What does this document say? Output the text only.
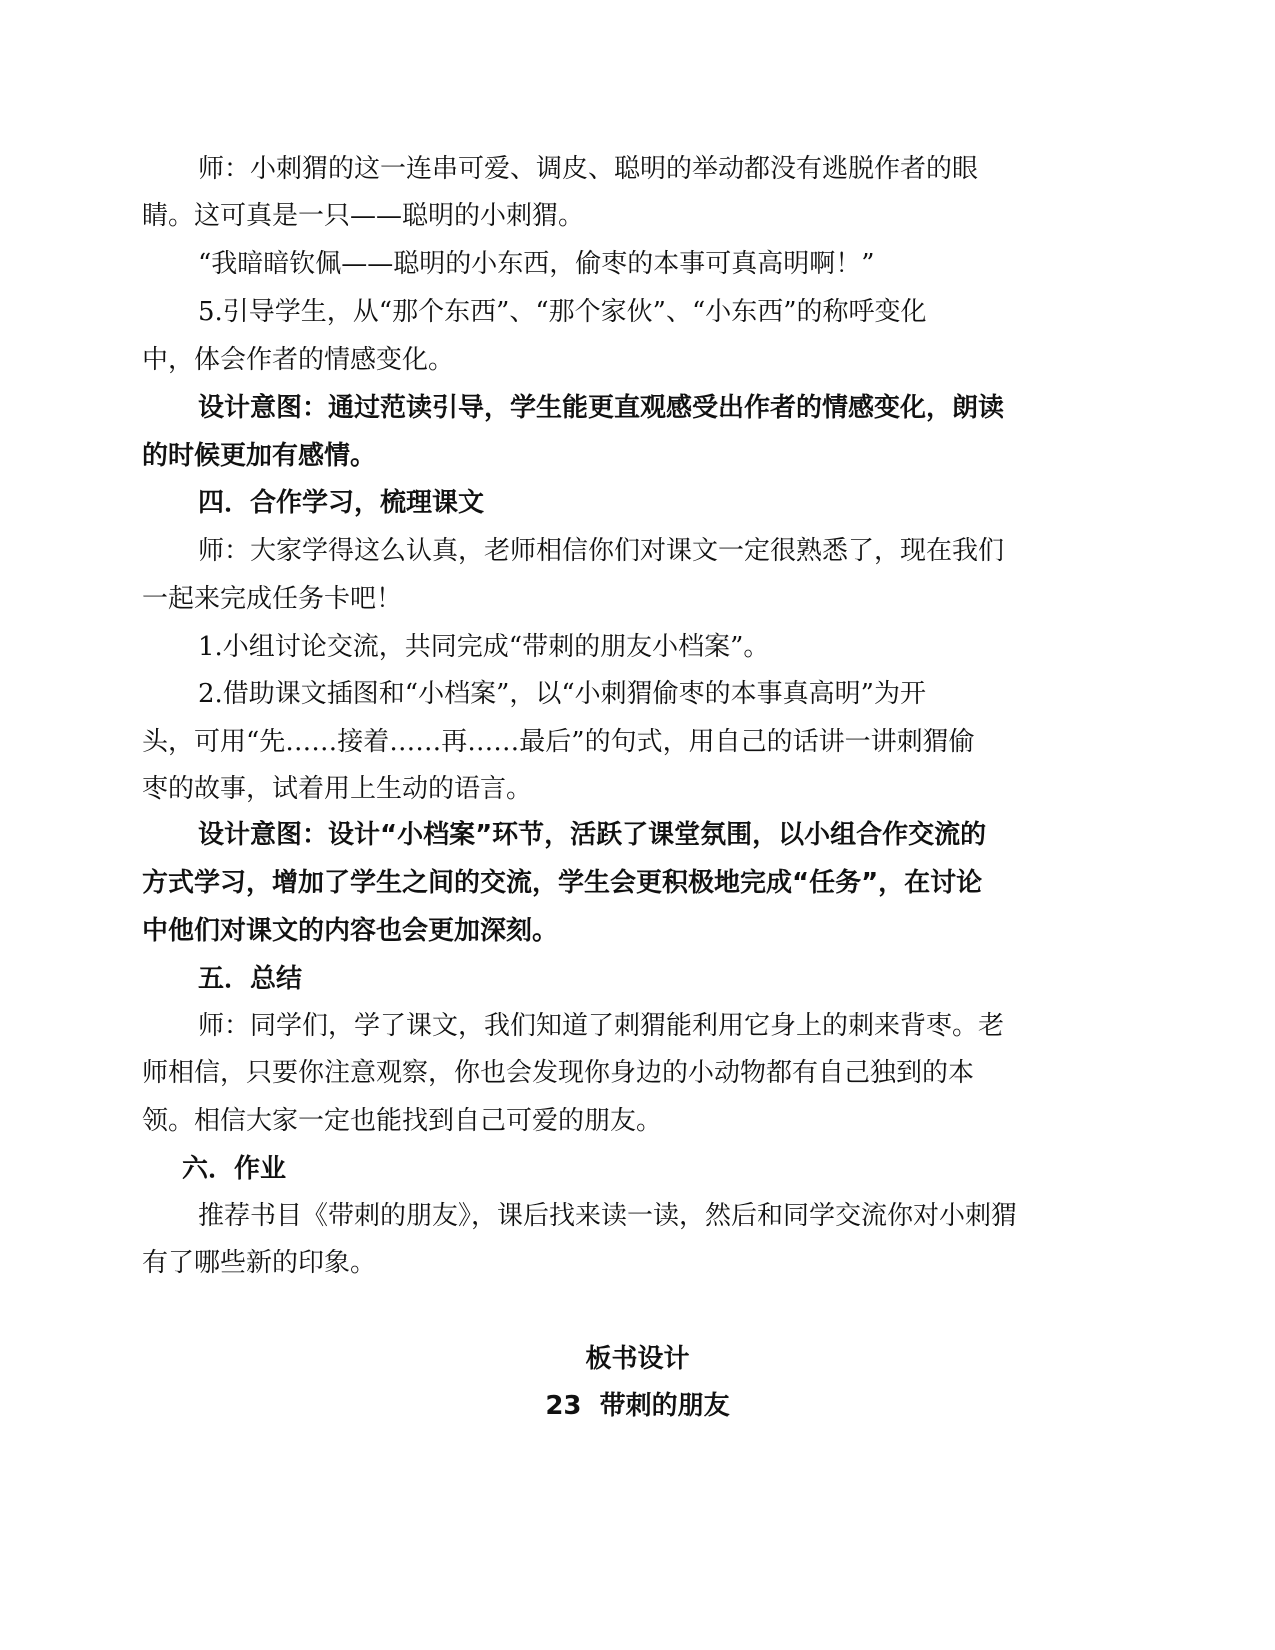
师：小刺猬的这一连串可爱、调皮、聪明的举动都没有逃脱作者的眼
睛。这可真是一只——聪明的小刺猬。
“我暗暗钦佩——聪明的小东西，偷枣的本事可真高明啊！”
5.引导学生，从“那个东西”、“那个家伙”、“小东西”的称呼变化
中，体会作者的情感变化。
设计意图：通过范读引导，学生能更直观感受出作者的情感变化，朗读
的时候更加有感情。
四．合作学习，梳理课文
师：大家学得这么认真，老师相信你们对课文一定很熟悉了，现在我们
一起来完成任务卡吧！
1.小组讨论交流，共同完成“带刺的朋友小档案”。
2.借助课文插图和“小档案”，以“小刺猬偷枣的本事真高明”为开
头，可用“先……接着……再……最后”的句式，用自己的话讲一讲刺猬偷
枣的故事，试着用上生动的语言。
设计意图：设计“小档案”环节，活跃了课堂氛围，以小组合作交流的
方式学习，增加了学生之间的交流，学生会更积极地完成“任务”，在讨论
中他们对课文的内容也会更加深刻。
五．总结
师：同学们，学了课文，我们知道了刺猬能利用它身上的刺来背枣。老
师相信，只要你注意观察，你也会发现你身边的小动物都有自己独到的本
领。相信大家一定也能找到自己可爱的朋友。
六．作业
推荐书目《带刺的朋友》，课后找来读一读，然后和同学交流你对小刺猬
有了哪些新的印象。
板书设计
23  带刺的朋友
